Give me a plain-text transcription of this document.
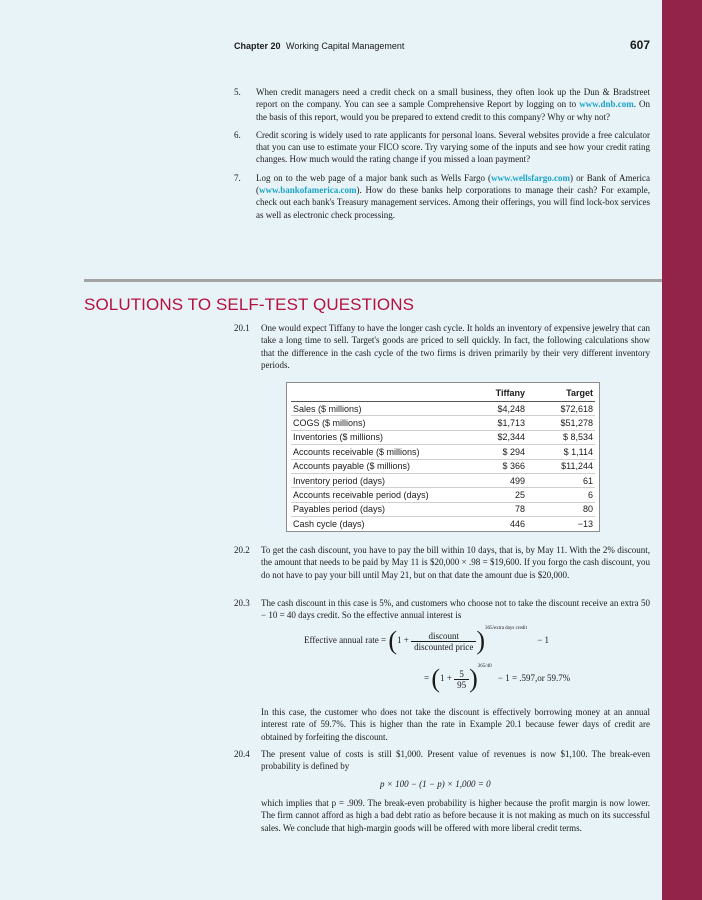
Chapter 20 Working Capital Management	607
5. When credit managers need a credit check on a small business, they often look up the Dun & Bradstreet report on the company. You can see a sample Comprehensive Report by logging on to www.dnb.com. On the basis of this report, would you be prepared to extend credit to this company? Why or why not?
6. Credit scoring is widely used to rate applicants for personal loans. Several websites provide a free calculator that you can use to estimate your FICO score. Try varying some of the inputs and see how your credit rating changes. How much would the rating change if you missed a loan payment?
7. Log on to the web page of a major bank such as Wells Fargo (www.wellsfargo.com) or Bank of America (www.bankofamerica.com). How do these banks help corporations to manage their cash? For example, check out each bank's Treasury management services. Among their offerings, you will find lock-box services as well as electronic check processing.
SOLUTIONS TO SELF-TEST QUESTIONS
20.1 One would expect Tiffany to have the longer cash cycle. It holds an inventory of expensive jewelry that can take a long time to sell. Target's goods are priced to sell quickly. In fact, the following calculations show that the difference in the cash cycle of the two firms is driven primarily by their very different inventory periods.
	Tiffany	Target
Sales ($ millions)	$4,248	$72,618
COGS ($ millions)	$1,713	$51,278
Inventories ($ millions)	$2,344	$ 8,534
Accounts receivable ($ millions)	$ 294	$ 1,114
Accounts payable ($ millions)	$ 366	$11,244
Inventory period (days)	499	61
Accounts receivable period (days)	25	6
Payables period (days)	78	80
Cash cycle (days)	446	−13
20.2 To get the cash discount, you have to pay the bill within 10 days, that is, by May 11. With the 2% discount, the amount that needs to be paid by May 11 is $20,000 × .98 = $19,600. If you forgo the cash discount, you do not have to pay your bill until May 21, but on that date the amount due is $20,000.
20.3 The cash discount in this case is 5%, and customers who choose not to take the discount receive an extra 50 − 10 = 40 days credit. So the effective annual interest is
Effective annual rate = $(1 + \frac{\text{discount}}{\text{discounted price}} )^{365/extra days credit} - 1$
= $(1 + \frac{5}{95} )^{365/40} - 1 = .597,or$ 59.7%
In this case, the customer who does not take the discount is effectively borrowing money at an annual interest rate of 59.7%. This is higher than the rate in Example 20.1 because fewer days of credit are obtained by forfeiting the discount.
20.4 The present value of costs is still $1,000. Present value of revenues is now $1,100. The break-even probability is defined by
p × 100 − (1 − p) × 1,000 = 0
which implies that p = .909. The break-even probability is higher because the profit margin is now lower. The firm cannot afford as high a bad debt ratio as before because it is not making as much on its successful sales. We conclude that high-margin goods will be offered with more liberal credit terms.
